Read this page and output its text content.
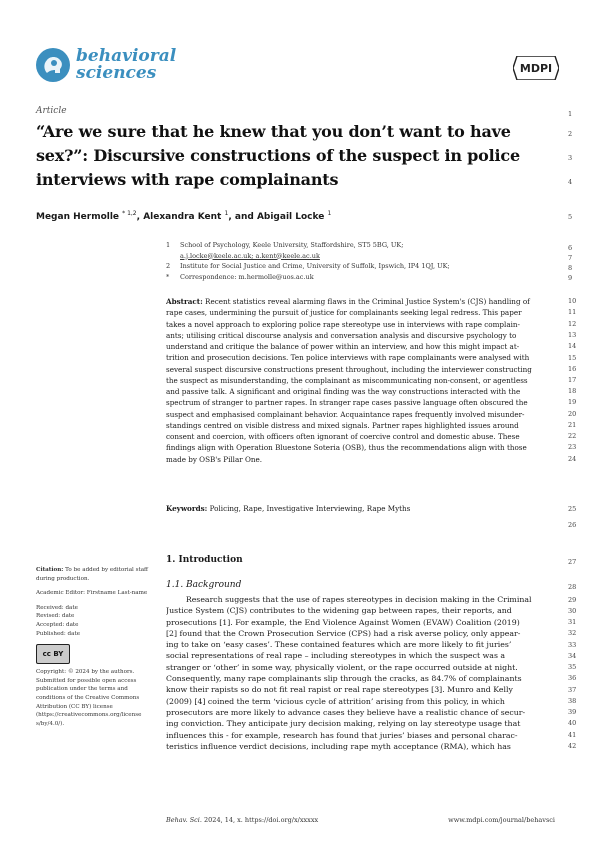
behavioral
sciences	MDPI
Article
“Are we sure that he knew that you don’t want to have sex?”: Discursive constructions of the suspect in police interviews with rape complainants
Megan Hermolle $^{* 1,2}$, Alexandra Kent $^1$, and Abigail Locke $^1$
1	School of Psychology, Keele University, Staffordshire, ST5 5BG, UK;
a.j.locke@keele.ac.uk; a.kent@keele.ac.uk
2	Institute for Social Justice and Crime, University of Suffolk, Ipswich, IP4 1QJ, UK;
*	Correspondence: m.hermolle@uos.ac.uk
Abstract: Recent statistics reveal alarming flaws in the Criminal Justice System's (CJS) handling of
rape cases, undermining the pursuit of justice for complainants seeking legal redress. This paper
takes a novel approach to exploring police rape stereotype use in interviews with rape complain-
ants; utilising critical discourse analysis and conversation analysis and discursive psychology to
understand and critique the balance of power within an interview, and how this might impact at-
trition and prosecution decisions. Ten police interviews with rape complainants were analysed with
several suspect discursive constructions present throughout, including the interviewer constructing
the suspect as misunderstanding, the complainant as miscommunicating non-consent, or agentless
and passive talk. A significant and original finding was the way constructions interacted with the
spectrum of stranger to partner rapes. In stranger rape cases passive language often obscured the
suspect and emphasised complainant behavior. Acquaintance rapes frequently involved misunder-
standings centred on visible distress and mixed signals. Partner rapes highlighted issues around
consent and coercion, with officers often ignorant of coercive control and domestic abuse. These
findings align with Operation Bluestone Soteria (OSB), thus the recommendations align with those
made by OSB's Pillar One.
Keywords: Policing, Rape, Investigative Interviewing, Rape Myths
Citation: To be added by editorial staff during production.
Academic Editor: Firstname Last-name
Received: date
Revised: date
Accepted: date
Published: date
cc BY
Copyright: © 2024 by the authors. Submitted for possible open access publication under the terms and conditions of the Creative Commons Attribution (CC BY) license (https://creativecommons.org/license s/by/4.0/).
1. Introduction
1.1. Background
Research suggests that the use of rapes stereotypes in decision making in the Criminal
Justice System (CJS) contributes to the widening gap between rapes, their reports, and
prosecutions [1]. For example, the End Violence Against Women (EVAW) Coalition (2019)
[2] found that the Crown Prosecution Service (CPS) had a risk averse policy, only appear-
ing to take on ‘easy cases’. These contained features which are more likely to fit juries’
social representations of real rape – including stereotypes in which the suspect was a
stranger or ‘other’ in some way, physically violent, or the rape occurred outside at night.
Consequently, many rape complainants slip through the cracks, as 84.7% of complainants
know their rapists so do not fit real rapist or real rape stereotypes [3]. Munro and Kelly
(2009) [4] coined the term ‘vicious cycle of attrition’ arising from this policy, in which
prosecutors are more likely to advance cases they believe have a realistic chance of secur-
ing conviction. They anticipate jury decision making, relying on lay stereotype usage that
influences this - for example, research has found that juries’ biases and personal charac-
teristics influence verdict decisions, including rape myth acceptance (RMA), which has
1
2
3
4
5
6
7
8
9
10
11
12
13
14
15
16
17
18
19
20
21
22
23
24
25
26
27
28
29
30
31
32
33
34
35
36
37
38
39
40
41
42
Behav. Sci. 2024, 14, x. https://doi.org/x/xxxxx	www.mdpi.com/journal/behavsci
